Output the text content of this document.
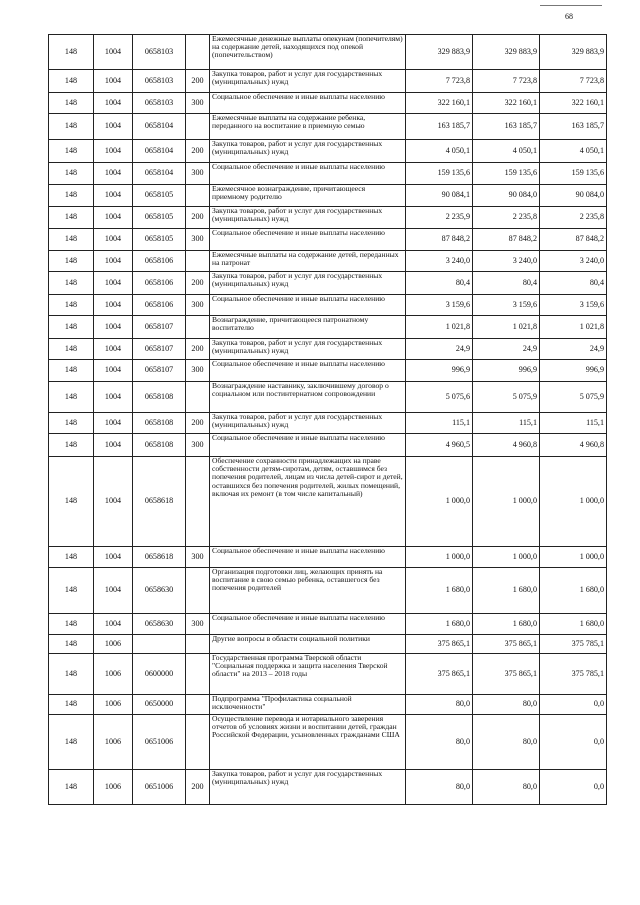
68
148	1004	0658103		Ежемесячные денежные выплаты опекунам (попечителям) на содержание детей, находящихся под опекой (попечительством)	329 883,9	329 883,9	329 883,9
148	1004	0658103	200	Закупка товаров, работ и услуг для государственных (муниципальных) нужд	7 723,8	7 723,8	7 723,8
148	1004	0658103	300	Социальное обеспечение и иные выплаты населению	322 160,1	322 160,1	322 160,1
148	1004	0658104		Ежемесячные выплаты на содержание ребенка, переданного на воспитание в приемную семью	163 185,7	163 185,7	163 185,7
148	1004	0658104	200	Закупка товаров, работ и услуг для государственных (муниципальных) нужд	4 050,1	4 050,1	4 050,1
148	1004	0658104	300	Социальное обеспечение и иные выплаты населению	159 135,6	159 135,6	159 135,6
148	1004	0658105		Ежемесячное вознаграждение, причитающееся приемному родителю	90 084,1	90 084,0	90 084,0
148	1004	0658105	200	Закупка товаров, работ и услуг для государственных (муниципальных) нужд	2 235,9	2 235,8	2 235,8
148	1004	0658105	300	Социальное обеспечение и иные выплаты населению	87 848,2	87 848,2	87 848,2
148	1004	0658106		Ежемесячные выплаты на содержание детей, переданных на патронат	3 240,0	3 240,0	3 240,0
148	1004	0658106	200	Закупка товаров, работ и услуг для государственных (муниципальных) нужд	80,4	80,4	80,4
148	1004	0658106	300	Социальное обеспечение и иные выплаты населению	3 159,6	3 159,6	3 159,6
148	1004	0658107		Вознаграждение, причитающееся патронатному воспитателю	1 021,8	1 021,8	1 021,8
148	1004	0658107	200	Закупка товаров, работ и услуг для государственных (муниципальных) нужд	24,9	24,9	24,9
148	1004	0658107	300	Социальное обеспечение и иные выплаты населению	996,9	996,9	996,9
148	1004	0658108		Вознаграждение наставнику, заключившему договор о социальном или постинтернатном сопровождении	5 075,6	5 075,9	5 075,9
148	1004	0658108	200	Закупка товаров, работ и услуг для государственных (муниципальных) нужд	115,1	115,1	115,1
148	1004	0658108	300	Социальное обеспечение и иные выплаты населению	4 960,5	4 960,8	4 960,8
148	1004	0658618		Обеспечение сохранности принадлежащих на праве собственности детям-сиротам, детям, оставшимся без попечения родителей, лицам из числа детей-сирот и детей, оставшихся без попечения родителей, жилых помещений, включая их ремонт (в том числе капитальный)	1 000,0	1 000,0	1 000,0
148	1004	0658618	300	Социальное обеспечение и иные выплаты населению	1 000,0	1 000,0	1 000,0
148	1004	0658630		Организация подготовки лиц, желающих принять на воспитание в свою семью ребенка, оставшегося без попечения родителей	1 680,0	1 680,0	1 680,0
148	1004	0658630	300	Социальное обеспечение и иные выплаты населению	1 680,0	1 680,0	1 680,0
148	1006			Другие вопросы в области социальной политики	375 865,1	375 865,1	375 785,1
148	1006	0600000		Государственная программа Тверской области "Социальная поддержка и защита населения Тверской области" на 2013 – 2018 годы	375 865,1	375 865,1	375 785,1
148	1006	0650000		Подпрограмма "Профилактика социальной исключенности"	80,0	80,0	0,0
148	1006	0651006		Осуществление перевода и нотариального заверения отчетов об условиях жизни и воспитании детей, граждан Российской Федерации, усыновленных гражданами США	80,0	80,0	0,0
148	1006	0651006	200	Закупка товаров, работ и услуг для государственных (муниципальных) нужд	80,0	80,0	0,0
